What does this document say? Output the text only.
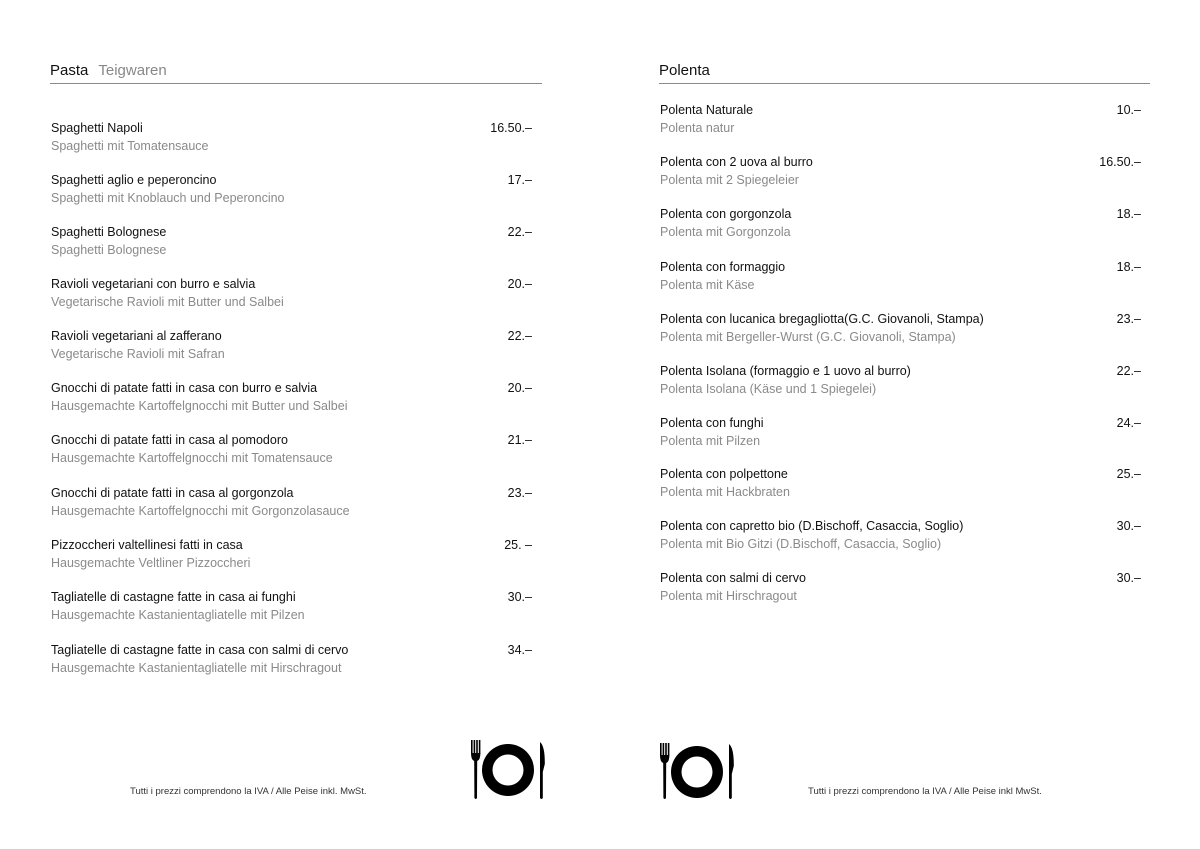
Pasta Teigwaren
Spaghetti Napoli
Spaghetti mit Tomatensauce
16.50.–
Spaghetti aglio e peperoncino
Spaghetti mit Knoblauch und Peperoncino
17.–
Spaghetti Bolognese
Spaghetti Bolognese
22.–
Ravioli vegetariani con burro e salvia
Vegetarische Ravioli mit Butter und Salbei
20.–
Ravioli vegetariani al zafferano
Vegetarische Ravioli mit Safran
22.–
Gnocchi di patate fatti in casa con burro e salvia
Hausgemachte Kartoffelgnocchi mit Butter und Salbei
20.–
Gnocchi di patate fatti in casa al pomodoro
Hausgemachte Kartoffelgnocchi mit Tomatensauce
21.–
Gnocchi di patate fatti in casa al gorgonzola
Hausgemachte Kartoffelgnocchi mit Gorgonzolasauce
23.–
Pizzoccheri valtellinesi fatti in casa
Hausgemachte Veltliner Pizzoccheri
25. –
Tagliatelle di castagne fatte in casa ai funghi
Hausgemachte Kastanientagliatelle mit Pilzen
30.–
Tagliatelle di castagne fatte in casa con salmi di cervo
Hausgemachte Kastanientagliatelle mit Hirschragout
34.–
Tutti i prezzi comprendono la IVA / Alle Peise inkl. MwSt.
Polenta
Polenta Naturale
Polenta natur
10.–
Polenta con 2 uova al burro
Polenta mit 2 Spiegeleier
16.50.–
Polenta con gorgonzola
Polenta mit Gorgonzola
18.–
Polenta con formaggio
Polenta mit Käse
18.–
Polenta con lucanica bregagliotta(G.C. Giovanoli, Stampa)
Polenta mit Bergeller-Wurst (G.C. Giovanoli, Stampa)
23.–
Polenta Isolana (formaggio e 1 uovo al burro)
Polenta Isolana (Käse und 1 Spiegelei)
22.–
Polenta con funghi
Polenta mit Pilzen
24.–
Polenta con polpettone
Polenta mit Hackbraten
25.–
Polenta con capretto bio (D.Bischoff, Casaccia, Soglio)
Polenta mit Bio Gitzi (D.Bischoff, Casaccia, Soglio)
30.–
Polenta con salmi di cervo
Polenta mit Hirschragout
30.–
Tutti i prezzi comprendono la IVA / Alle Peise inkl MwSt.
